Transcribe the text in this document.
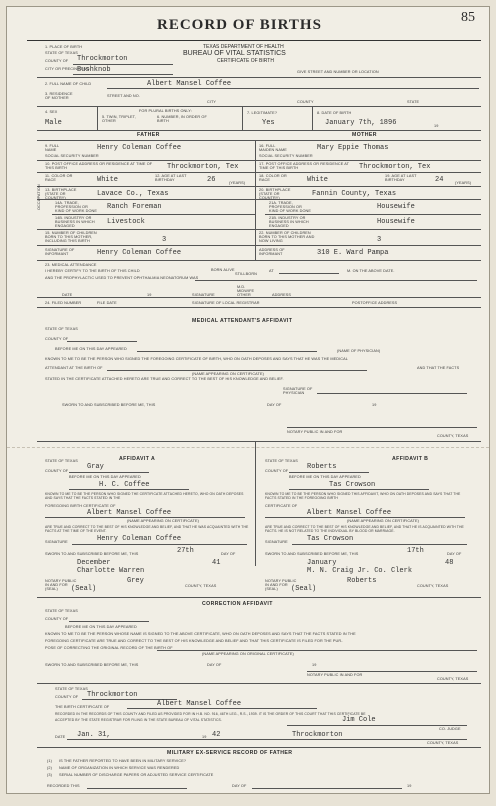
85
RECORD OF BIRTHS
TEXAS DEPARTMENT OF HEALTH
BUREAU OF VITAL STATISTICS
CERTIFICATE OF BIRTH
1. PLACE OF BIRTH
STATE OF TEXAS
COUNTY OF Throckmorton
CITY OR PRECINCT NO.
Bushknob	GIVE STREET AND NUMBER OR LOCATION
2. FULL NAME OF CHILD	Albert Mansel Coffee
3. RESIDENCE OF MOTHER	STREET AND NO.
CITY	COUNTY	STATE
4. SEX
Male
FOR PLURAL BIRTHS ONLY:
5. TWIN, TRIPLET, OTHER
6. NUMBER, IN ORDER OF BIRTH
7. LEGITIMATE?
Yes
8. DATE OF BIRTH
January 7th, 1896	19
FATHER	MOTHER
9. FULL NAME	Henry Coleman Coffee
SOCIAL SECURITY NUMBER
10. POST OFFICE ADDRESS OR RESIDENCE AT TIME OF THIS BIRTH	Throckmorton, Tex
11. COLOR OR RACE	White	12. AGE AT LAST BIRTHDAY	26	(YEARS)
13. BIRTHPLACE (STATE OR COUNTRY)	Lavace Co., Texas
OCCUPATION	14A. TRADE, PROFESSION OR KIND OF WORK DONE Ranch Foreman
14B. INDUSTRY OR BUSINESS IN WHICH ENGAGED	Livestock
15. NUMBER OF CHILDREN BORN TO THIS MOTHER, INCLUDING THIS BIRTH	3
16. FULL MAIDEN NAME	Mary Eppie Thomas
SOCIAL SECURITY NUMBER
17. POST OFFICE ADDRESS OR RESIDENCE AT TIME OF THIS BIRTH	Throckmorton, Tex
18. COLOR OR RACE	White	19. AGE AT LAST BIRTHDAY	24	(YEARS)
20. BIRTHPLACE (STATE OR COUNTRY)	Fannin County, Texas
21A. TRADE, PROFESSION OR KIND OF WORK DONE	Housewife
21B. INDUSTRY OR BUSINESS IN WHICH ENGAGED	Housewife
22. NUMBER OF CHILDREN BORN TO THIS MOTHER AND NOW LIVING	3
SIGNATURE OF INFORMANT	Henry Coleman Coffee	ADDRESS OF INFORMANT	310 E. Ward Pampa
23. MEDICAL ATTENDANCE
I HEREBY CERTIFY TO THE BIRTH OF THIS CHILD	BORN ALIVE
STILLBORN
AT	M. ON THE ABOVE DATE.
AND THE PROPHYLACTIC USED TO PREVENT OPHTHALMIA NEONATORUM WAS
M.D.
MIDWIFE
OTHER
DATE	19	SIGNATURE	ADDRESS
24. FILED NUMBER	FILE DATE	SIGNATURE OF LOCAL REGISTRAR	POSTOFFICE ADDRESS
MEDICAL ATTENDANT'S AFFIDAVIT
STATE OF TEXAS
COUNTY OF
BEFORE ME ON THIS DAY APPEARED	(NAME OF PHYSICIAN)
KNOWN TO ME TO BE THE PERSON WHO SIGNED THE FOREGOING CERTIFICATE OF BIRTH, WHO ON OATH DEPOSES AND SAYS THAT HE WAS THE MEDICAL
ATTENDANT AT THE BIRTH OF	AND THAT THE FACTS
(NAME APPEARING ON CERTIFICATE)
STATED IN THE CERTIFICATE ATTACHED HERETO ARE TRUE AND CORRECT TO THE BEST OF HIS KNOWLEDGE AND BELIEF.
SIGNATURE OF PHYSICIAN
SWORN TO AND SUBSCRIBED BEFORE ME, THIS	DAY OF	19
NOTARY PUBLIC IN AND FOR
COUNTY, TEXAS
AFFIDAVIT A
STATE OF TEXAS
COUNTY OF	Gray
BEFORE ME ON THIS DAY APPEARED
H. C. Coffee
KNOWN TO ME TO BE THE PERSON WHO SIGNED THE CERTIFICATE ATTACHED HERETO, WHO ON OATH DEPOSES AND SAYS THAT THE FACTS STATED IN THE
FOREGOING BIRTH CERTIFICATE OF
Albert Mansel Coffee
(NAME APPEARING ON CERTIFICATE)
ARE TRUE AND CORRECT TO THE BEST OF HIS KNOWLEDGE AND BELIEF, AND THAT HE WAS ACQUAINTED WITH THE FACTS AT THE TIME OF THE EVENT.
SIGNATURE	Henry Coleman Coffee
SWORN TO AND SUBSCRIBED BEFORE ME, THIS	27th	DAY OF
December	41
Charlotte Warren
NOTARY PUBLIC IN AND FOR (SEAL)
Grey
COUNTY, TEXAS
(Seal)
AFFIDAVIT B
STATE OF TEXAS
COUNTY OF	Roberts
BEFORE ME ON THIS DAY APPEARED
Tas Crowson
KNOWN TO ME TO BE THE PERSON WHO SIGNED THIS AFFIDAVIT, WHO ON OATH DEPOSES AND SAYS THAT THE FACTS STATED IN THE FOREGOING BIRTH
CERTIFICATE OF
Albert Mansel Coffee
(NAME APPEARING ON CERTIFICATE)
ARE TRUE AND CORRECT TO THE BEST OF HIS KNOWLEDGE AND BELIEF, AND THAT HE IS ACQUAINTED WITH THE FACTS. HE IS NOT RELATED TO THE INDIVIDUAL BY BLOOD OR MARRIAGE.
SIGNATURE	Tas Crowson
SWORN TO AND SUBSCRIBED BEFORE ME, THIS	17th	DAY OF
January	48
M. N. Craig Jr. Co. Clerk
NOTARY PUBLIC IN AND FOR (SEAL)
Roberts
COUNTY, TEXAS
(Seal)
CORRECTION AFFIDAVIT
STATE OF TEXAS
COUNTY OF
BEFORE ME ON THIS DAY APPEARED
KNOWN TO ME TO BE THE PERSON WHOSE NAME IS SIGNED TO THE ABOVE CERTIFICATE, WHO ON OATH DEPOSES AND SAYS THAT THE FACTS STATED IN THE
FOREGOING CERTIFICATE ARE TRUE AND CORRECT TO THE BEST OF HIS KNOWLEDGE AND BELIEF AND THAT THIS CERTIFICATE IS FILED FOR THE PUR-
POSE OF CORRECTING THE ORIGINAL RECORD OF THE BIRTH OF
(NAME APPEARING ON ORIGINAL CERTIFICATE)
SWORN TO AND SUBSCRIBED BEFORE ME, THIS	DAY OF	19
NOTARY PUBLIC IN AND FOR
COUNTY, TEXAS
STATE OF TEXAS
COUNTY OF Throckmorton
THE BIRTH CERTIFICATE OF	Albert Mansel Coffee
RECORDED IN THE RECORDS OF THIS COUNTY AND FILED AS PROVIDED FOR IN H.B. NO. 916, 46TH LEG., R.S., 1939. IT IS THE ORDER OF THIS COURT THAT THIS CERTIFICATE BE
ACCEPTED BY THE STATE REGISTRAR FOR FILING IN THE STATE BUREAU OF VITAL STATISTICS.	Jim Cole
CO. JUDGE
DATE Jan. 31,	19 42	Throckmorton
COUNTY, TEXAS
MILITARY EX-SERVICE RECORD OF FATHER
(1) IS THE FATHER REPORTED TO HAVE BEEN IN MILITARY SERVICE?
(2) NAME OF ORGANIZATION IN WHICH SERVICE WAS RENDERED
(3) SERIAL NUMBER OF DISCHARGE PAPERS OR ADJUSTED SERVICE CERTIFICATE
RECORDED THIS	DAY OF	19
